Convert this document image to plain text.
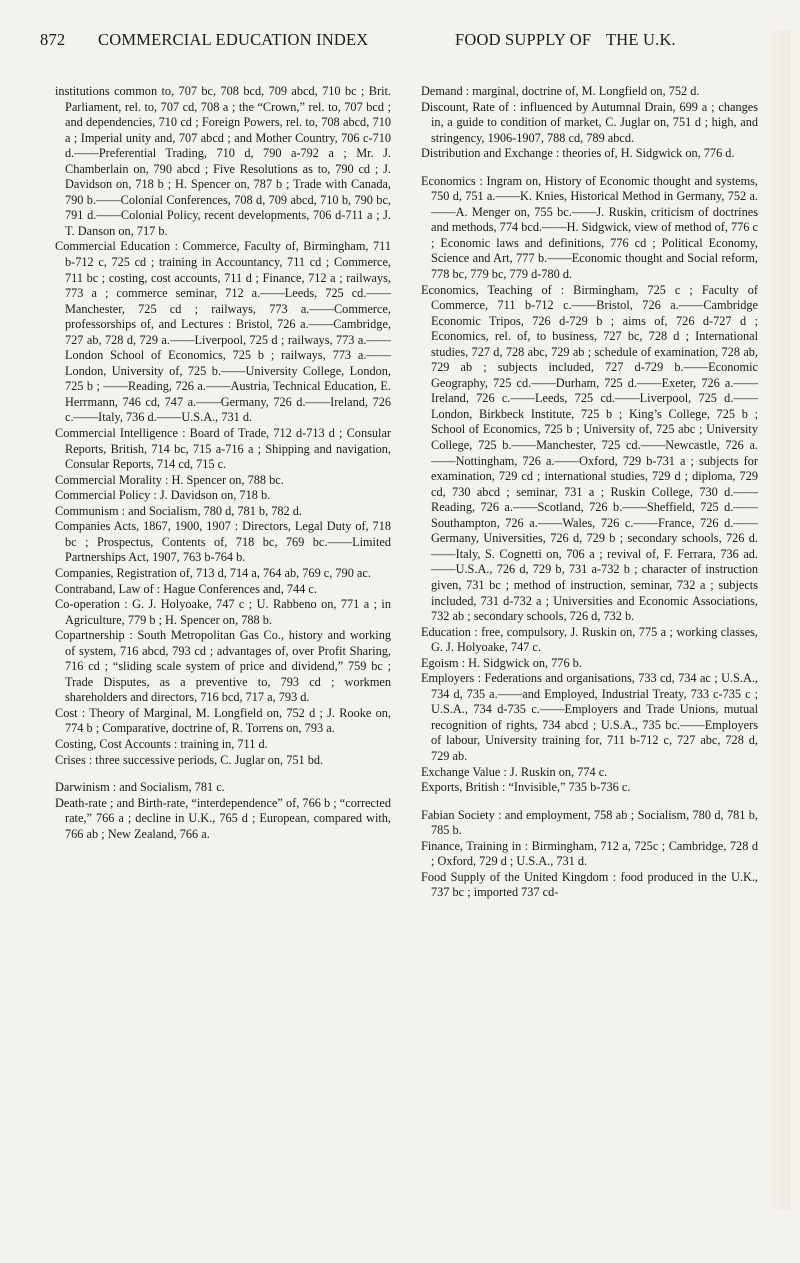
872 COMMERCIAL EDUCATION INDEX	FOOD SUPPLY OF THE U.K.
institutions common to, 707 bc, 708 bcd, 709 abcd, 710 bc ; Brit. Parliament, rel. to, 707 cd, 708 a ; the “Crown,” rel. to, 707 bcd ; and dependencies, 710 cd ; Foreign Powers, rel. to, 708 abcd, 710 a ; Imperial unity and, 707 abcd ; and Mother Country, 706 c-710 d.——Preferential Trading, 710 d, 790 a-792 a ; Mr. J. Chamberlain on, 790 abcd ; Five Resolutions as to, 790 cd ; J. Davidson on, 718 b ; H. Spencer on, 787 b ; Trade with Canada, 790 b.——Colonial Conferences, 708 d, 709 abcd, 710 b, 790 bc, 791 d.——Colonial Policy, recent developments, 706 d-711 a ; J. T. Danson on, 717 b.
Commercial Education : Commerce, Faculty of, Birmingham, 711 b-712 c, 725 cd ; training in Accountancy, 711 cd ; Commerce, 711 bc ; costing, cost accounts, 711 d ; Finance, 712 a ; railways, 773 a ; commerce seminar, 712 a.——Leeds, 725 cd.——Manchester, 725 cd ; railways, 773 a.——Commerce, professorships of, and Lectures : Bristol, 726 a.——Cambridge, 727 ab, 728 d, 729 a.——Liverpool, 725 d ; railways, 773 a.——London School of Economics, 725 b ; railways, 773 a.——London, University of, 725 b.——University College, London, 725 b ; ——Reading, 726 a.——Austria, Technical Education, E. Herrmann, 746 cd, 747 a.——Germany, 726 d.——Ireland, 726 c.——Italy, 736 d.——U.S.A., 731 d.
Commercial Intelligence : Board of Trade, 712 d-713 d ; Consular Reports, British, 714 bc, 715 a-716 a ; Shipping and navigation, Consular Reports, 714 cd, 715 c.
Commercial Morality : H. Spencer on, 788 bc.
Commercial Policy : J. Davidson on, 718 b.
Communism : and Socialism, 780 d, 781 b, 782 d.
Companies Acts, 1867, 1900, 1907 : Directors, Legal Duty of, 718 bc ; Prospectus, Contents of, 718 bc, 769 bc.——Limited Partnerships Act, 1907, 763 b-764 b.
Companies, Registration of, 713 d, 714 a, 764 ab, 769 c, 790 ac.
Contraband, Law of : Hague Conferences and, 744 c.
Co-operation : G. J. Holyoake, 747 c ; U. Rabbeno on, 771 a ; in Agriculture, 779 b ; H. Spencer on, 788 b.
Copartnership : South Metropolitan Gas Co., history and working of system, 716 abcd, 793 cd ; advantages of, over Profit Sharing, 716 cd ; “sliding scale system of price and dividend,” 759 bc ; Trade Disputes, as a preventive to, 793 cd ; workmen shareholders and directors, 716 bcd, 717 a, 793 d.
Cost : Theory of Marginal, M. Longfield on, 752 d ; J. Rooke on, 774 b ; Comparative, doctrine of, R. Torrens on, 793 a.
Costing, Cost Accounts : training in, 711 d.
Crises : three successive periods, C. Juglar on, 751 bd.
Darwinism : and Socialism, 781 c.
Death-rate ; and Birth-rate, “interdependence” of, 766 b ; “corrected rate,” 766 a ; decline in U.K., 765 d ; European, compared with, 766 ab ; New Zealand, 766 a.
Demand : marginal, doctrine of, M. Longfield on, 752 d.
Discount, Rate of : influenced by Autumnal Drain, 699 a ; changes in, a guide to condition of market, C. Juglar on, 751 d ; high, and stringency, 1906-1907, 788 cd, 789 abcd.
Distribution and Exchange : theories of, H. Sidgwick on, 776 d.
Economics : Ingram on, History of Economic thought and systems, 750 d, 751 a.——K. Knies, Historical Method in Germany, 752 a.——A. Menger on, 755 bc.——J. Ruskin, criticism of doctrines and methods, 774 bcd.——H. Sidgwick, view of method of, 776 c ; Economic laws and definitions, 776 cd ; Political Economy, Science and Art, 777 b.——Economic thought and Social reform, 778 bc, 779 bc, 779 d-780 d.
Economics, Teaching of : Birmingham, 725 c ; Faculty of Commerce, 711 b-712 c.——Bristol, 726 a.——Cambridge Economic Tripos, 726 d-729 b ; aims of, 726 d-727 d ; Economics, rel. of, to business, 727 bc, 728 d ; International studies, 727 d, 728 abc, 729 ab ; schedule of examination, 728 ab, 729 ab ; subjects included, 727 d-729 b.——Economic Geography, 725 cd.——Durham, 725 d.——Exeter, 726 a.——Ireland, 726 c.——Leeds, 725 cd.——Liverpool, 725 d.——London, Birkbeck Institute, 725 b ; King’s College, 725 b ; School of Economics, 725 b ; University of, 725 abc ; University College, 725 b.——Manchester, 725 cd.——Newcastle, 726 a.——Nottingham, 726 a.——Oxford, 729 b-731 a ; subjects for examination, 729 cd ; international studies, 729 d ; diploma, 729 cd, 730 abcd ; seminar, 731 a ; Ruskin College, 730 d.——Reading, 726 a.——Scotland, 726 b.——Sheffield, 725 d.——Southampton, 726 a.——Wales, 726 c.——France, 726 d.——Germany, Universities, 726 d, 729 b ; secondary schools, 726 d.——Italy, S. Cognetti on, 706 a ; revival of, F. Ferrara, 736 ad.——U.S.A., 726 d, 729 b, 731 a-732 b ; character of instruction given, 731 bc ; method of instruction, seminar, 732 a ; subjects included, 731 d-732 a ; Universities and Economic Associations, 732 ab ; secondary schools, 726 d, 732 b.
Education : free, compulsory, J. Ruskin on, 775 a ; working classes, G. J. Holyoake, 747 c.
Egoism : H. Sidgwick on, 776 b.
Employers : Federations and organisations, 733 cd, 734 ac ; U.S.A., 734 d, 735 a.——and Employed, Industrial Treaty, 733 c-735 c ; U.S.A., 734 d-735 c.——Employers and Trade Unions, mutual recognition of rights, 734 abcd ; U.S.A., 735 bc.——Employers of labour, University training for, 711 b-712 c, 727 abc, 728 d, 729 ab.
Exchange Value : J. Ruskin on, 774 c.
Exports, British : “Invisible,” 735 b-736 c.
Fabian Society : and employment, 758 ab ; Socialism, 780 d, 781 b, 785 b.
Finance, Training in : Birmingham, 712 a, 725c ; Cambridge, 728 d ; Oxford, 729 d ; U.S.A., 731 d.
Food Supply of the United Kingdom : food produced in the U.K., 737 bc ; imported 737 cd-
